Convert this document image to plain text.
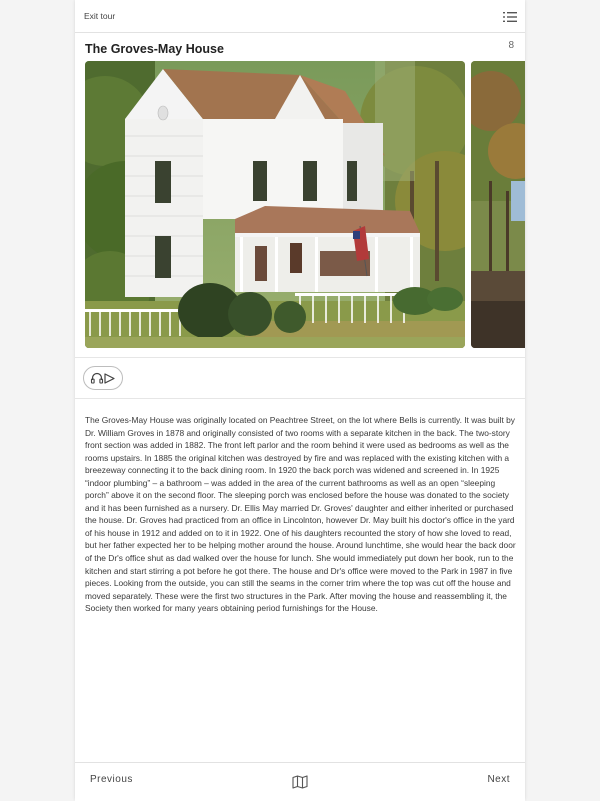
Exit tour
The Groves-May House	8

The Groves-May House was originally located on Peachtree Street, on the lot where Bells is currently. It was built by Dr. William Groves in 1878 and originally consisted of two rooms with a separate kitchen in the back. The two-story front section was added in 1882. The front left parlor and the room behind it were used as bedrooms as well as the rooms upstairs. In 1885 the original kitchen was destroyed by fire and was replaced with the existing kitchen with a breezeway connecting it to the back dining room. In 1920 the back porch was widened and screened in. In 1925 “indoor plumbing” – a bathroom – was added in the area of the current bathrooms as well as an open “sleeping porch” above it on the second floor. The sleeping porch was enclosed before the house was donated to the society and it has been furnished as a nursery. Dr. Ellis May married Dr. Groves' daughter and either inherited or purchased the house. Dr. Groves had practiced from an office in Lincolnton, however Dr. May built his doctor's office in the yard of his house in 1912 and added on to it in 1922. One of his daughters recounted the story of how she loved to read,

but her father expected her to be helping mother around the house. Around lunchtime, she would hear the back door of the Dr's office shut as dad walked over the house for lunch. She would immediately put down her book, run to the kitchen and start stirring a pot before he got there. The house and Dr's office were moved to the Park in 1987 in five pieces. Looking from the outside, you can still the seams in the corner trim where the top was cut off the house and moved separately. These were the first two structures in the Park. After moving the house and reassembling it, the Society then worked for many years obtaining period furnishings for the House.

Previous	Next
